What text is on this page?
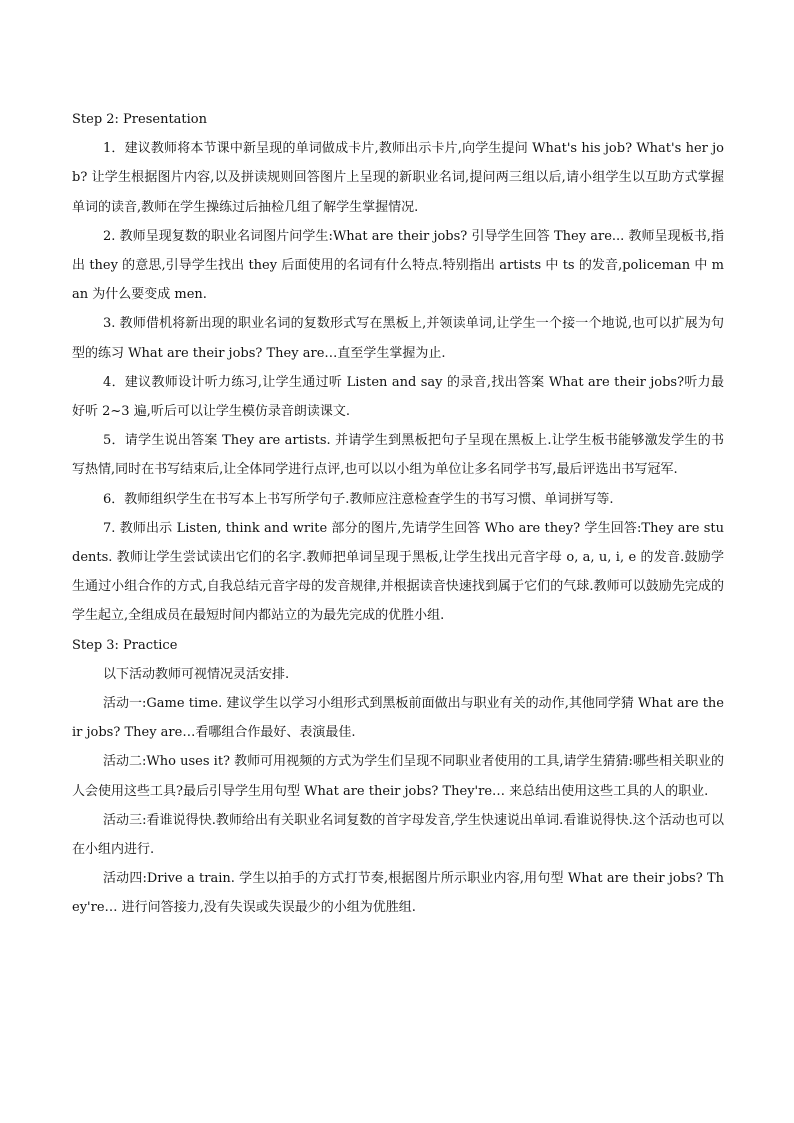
Step 2: Presentation

1．建议教师将本节课中新呈现的单词做成卡片,教师出示卡片,向学生提问 What's his job? What's her job? 让学生根据图片内容,以及拼读规则回答图片上呈现的新职业名词,提问两三组以后,请小组学生以互助方式掌握单词的读音,教师在学生操练过后抽检几组了解学生掌握情况.

2. 教师呈现复数的职业名词图片问学生:What are their jobs? 引导学生回答 They are... 教师呈现板书,指出 they 的意思,引导学生找出 they 后面使用的名词有什么特点.特别指出 artists 中 ts 的发音,policeman 中 man 为什么要变成 men.

3. 教师借机将新出现的职业名词的复数形式写在黑板上,并领读单词,让学生一个接一个地说,也可以扩展为句型的练习 What are their jobs? They are…直至学生掌握为止.

4．建议教师设计听力练习,让学生通过听 Listen and say 的录音,找出答案 What are their jobs?听力最好听 2~3 遍,听后可以让学生模仿录音朗读课文.

5．请学生说出答案 They are artists. 并请学生到黑板把句子呈现在黑板上.让学生板书能够激发学生的书写热情,同时在书写结束后,让全体同学进行点评,也可以以小组为单位让多名同学书写,最后评选出书写冠军.

6．教师组织学生在书写本上书写所学句子.教师应注意检查学生的书写习惯、单词拼写等.

7. 教师出示 Listen, think and write 部分的图片,先请学生回答 Who are they? 学生回答:They are students. 教师让学生尝试读出它们的名字.教师把单词呈现于黑板,让学生找出元音字母 o, a, u, i, e 的发音.鼓励学生通过小组合作的方式,自我总结元音字母的发音规律,并根据读音快速找到属于它们的气球.教师可以鼓励先完成的学生起立,全组成员在最短时间内都站立的为最先完成的优胜小组.

Step 3: Practice

以下活动教师可视情况灵活安排.

活动一:Game time. 建议学生以学习小组形式到黑板前面做出与职业有关的动作,其他同学猜 What are their jobs? They are…看哪组合作最好、表演最佳.

活动二:Who uses it? 教师可用视频的方式为学生们呈现不同职业者使用的工具,请学生猜猜:哪些相关职业的人会使用这些工具?最后引导学生用句型 What are their jobs? They're… 来总结出使用这些工具的人的职业.

活动三:看谁说得快.教师给出有关职业名词复数的首字母发音,学生快速说出单词.看谁说得快.这个活动也可以在小组内进行.

活动四:Drive a train. 学生以拍手的方式打节奏,根据图片所示职业内容,用句型 What are their jobs? They're… 进行问答接力,没有失误或失误最少的小组为优胜组.
